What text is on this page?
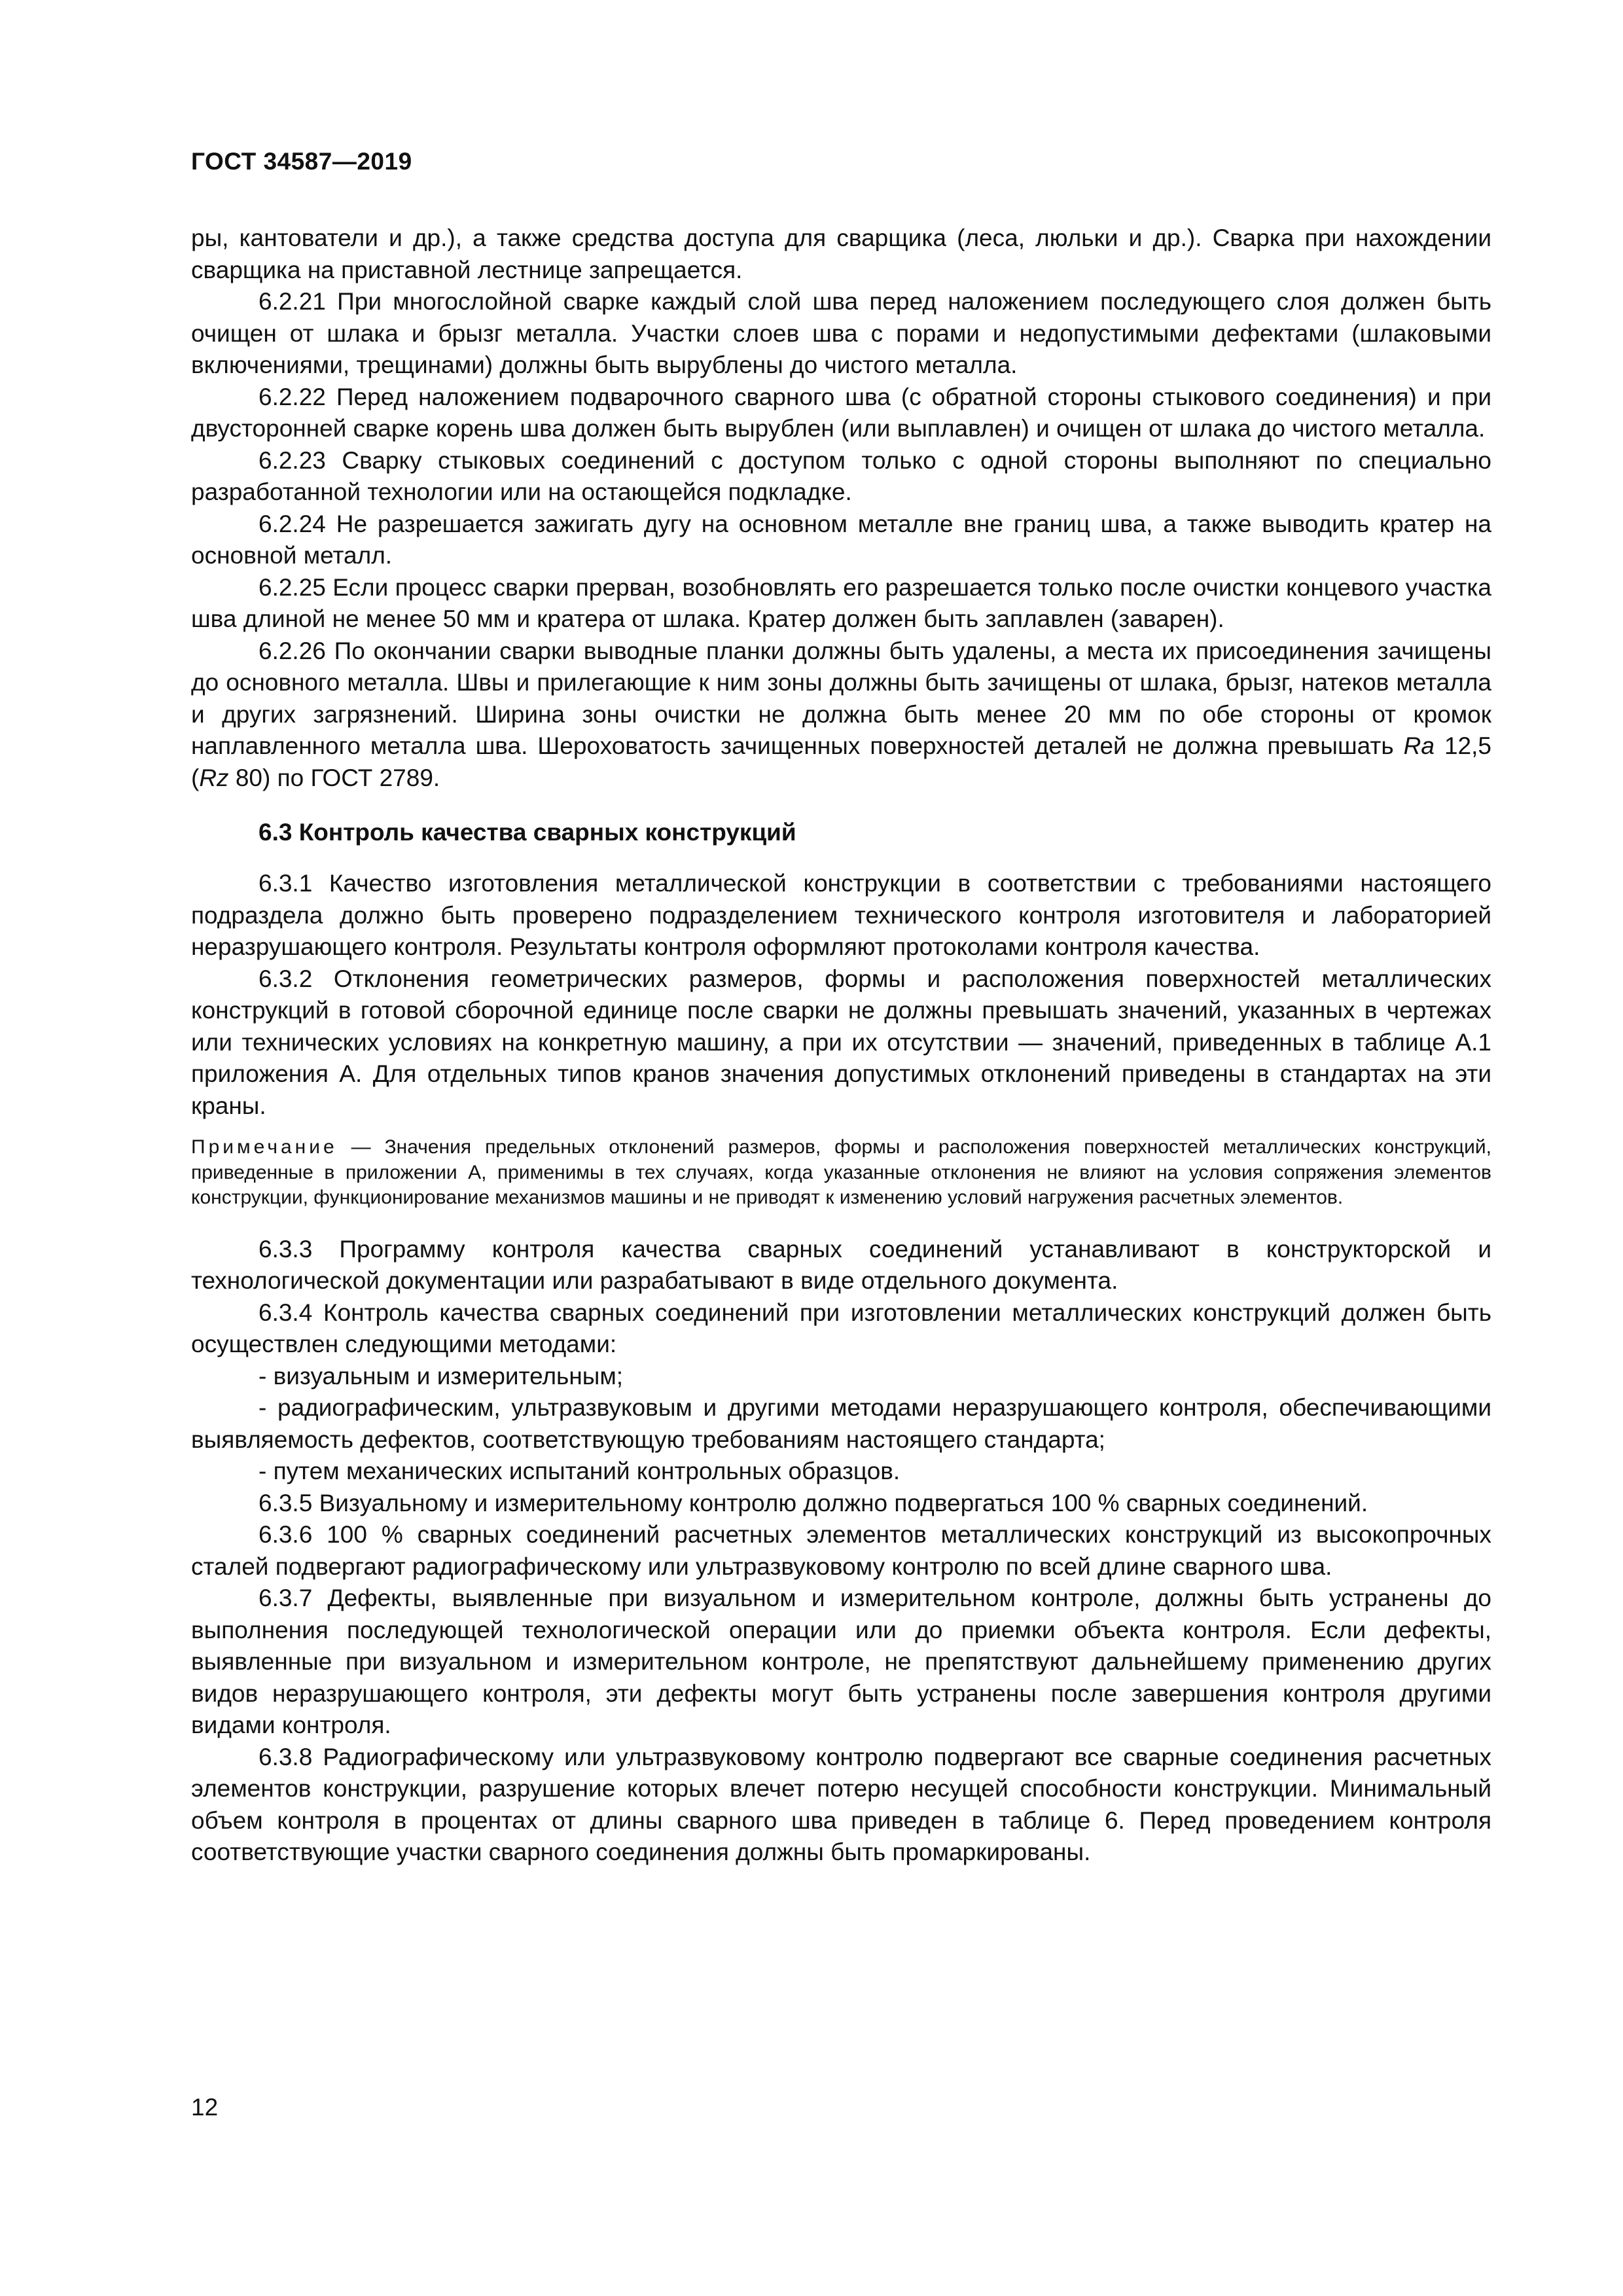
ГОСТ 34587—2019

ры, кантователи и др.), а также средства доступа для сварщика (леса, люльки и др.). Сварка при нахождении сварщика на приставной лестнице запрещается.

6.2.21 При многослойной сварке каждый слой шва перед наложением последующего слоя должен быть очищен от шлака и брызг металла. Участки слоев шва с порами и недопустимыми дефектами (шлаковыми включениями, трещинами) должны быть вырублены до чистого металла.

6.2.22 Перед наложением подварочного сварного шва (с обратной стороны стыкового соединения) и при двусторонней сварке корень шва должен быть вырублен (или выплавлен) и очищен от шлака до чистого металла.

6.2.23 Сварку стыковых соединений с доступом только с одной стороны выполняют по специально разработанной технологии или на остающейся подкладке.

6.2.24 Не разрешается зажигать дугу на основном металле вне границ шва, а также выводить кратер на основной металл.

6.2.25 Если процесс сварки прерван, возобновлять его разрешается только после очистки концевого участка шва длиной не менее 50 мм и кратера от шлака. Кратер должен быть заплавлен (заварен).

6.2.26 По окончании сварки выводные планки должны быть удалены, а места их присоединения зачищены до основного металла. Швы и прилегающие к ним зоны должны быть зачищены от шлака, брызг, натеков металла и других загрязнений. Ширина зоны очистки не должна быть менее 20 мм по обе стороны от кромок наплавленного металла шва. Шероховатость зачищенных поверхностей деталей не должна превышать Ra 12,5 (Rz 80) по ГОСТ 2789.

6.3 Контроль качества сварных конструкций

6.3.1 Качество изготовления металлической конструкции в соответствии с требованиями настоящего подраздела должно быть проверено подразделением технического контроля изготовителя и лабораторией неразрушающего контроля. Результаты контроля оформляют протоколами контроля качества.

6.3.2 Отклонения геометрических размеров, формы и расположения поверхностей металлических конструкций в готовой сборочной единице после сварки не должны превышать значений, указанных в чертежах или технических условиях на конкретную машину, а при их отсутствии — значений, приведенных в таблице А.1 приложения А. Для отдельных типов кранов значения допустимых отклонений приведены в стандартах на эти краны.

Примечание — Значения предельных отклонений размеров, формы и расположения поверхностей металлических конструкций, приведенные в приложении А, применимы в тех случаях, когда указанные отклонения не влияют на условия сопряжения элементов конструкции, функционирование механизмов машины и не приводят к изменению условий нагружения расчетных элементов.

6.3.3 Программу контроля качества сварных соединений устанавливают в конструкторской и технологической документации или разрабатывают в виде отдельного документа.

6.3.4 Контроль качества сварных соединений при изготовлении металлических конструкций должен быть осуществлен следующими методами:

- визуальным и измерительным;

- радиографическим, ультразвуковым и другими методами неразрушающего контроля, обеспечивающими выявляемость дефектов, соответствующую требованиям настоящего стандарта;

- путем механических испытаний контрольных образцов.

6.3.5 Визуальному и измерительному контролю должно подвергаться 100 % сварных соединений.

6.3.6 100 % сварных соединений расчетных элементов металлических конструкций из высокопрочных сталей подвергают радиографическому или ультразвуковому контролю по всей длине сварного шва.

6.3.7 Дефекты, выявленные при визуальном и измерительном контроле, должны быть устранены до выполнения последующей технологической операции или до приемки объекта контроля. Если дефекты, выявленные при визуальном и измерительном контроле, не препятствуют дальнейшему применению других видов неразрушающего контроля, эти дефекты могут быть устранены после завершения контроля другими видами контроля.

6.3.8 Радиографическому или ультразвуковому контролю подвергают все сварные соединения расчетных элементов конструкции, разрушение которых влечет потерю несущей способности конструкции. Минимальный объем контроля в процентах от длины сварного шва приведен в таблице 6. Перед проведением контроля соответствующие участки сварного соединения должны быть промаркированы.

12
